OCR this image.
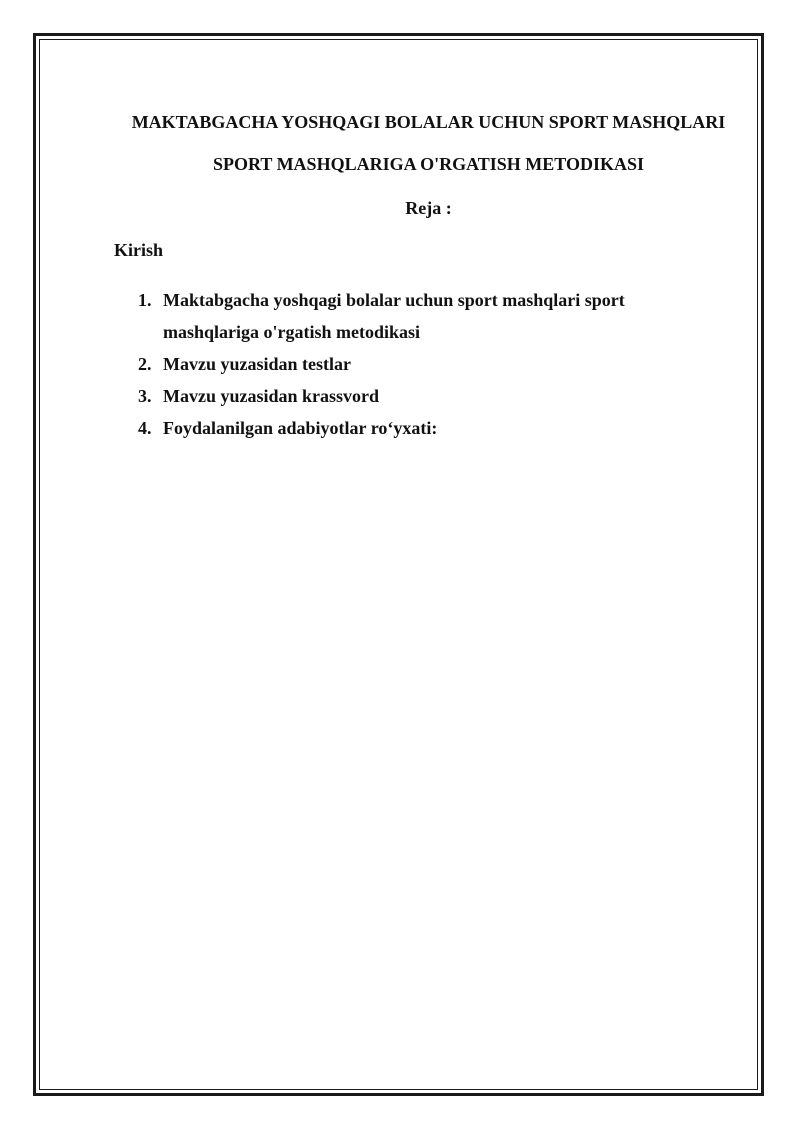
MAKTABGACHA YOSHQAGI BOLALAR UCHUN SPORT MASHQLARI
SPORT MASHQLARIGA O'RGATISH METODIKASI
Reja :

Kirish

1. Maktabgacha yoshqagi bolalar uchun sport mashqlari sport mashqlariga o'rgatish metodikasi
2. Mavzu yuzasidan testlar
3. Mavzu yuzasidan krassvord
4. Foydalanilgan adabiyotlar ro‘yxati:
